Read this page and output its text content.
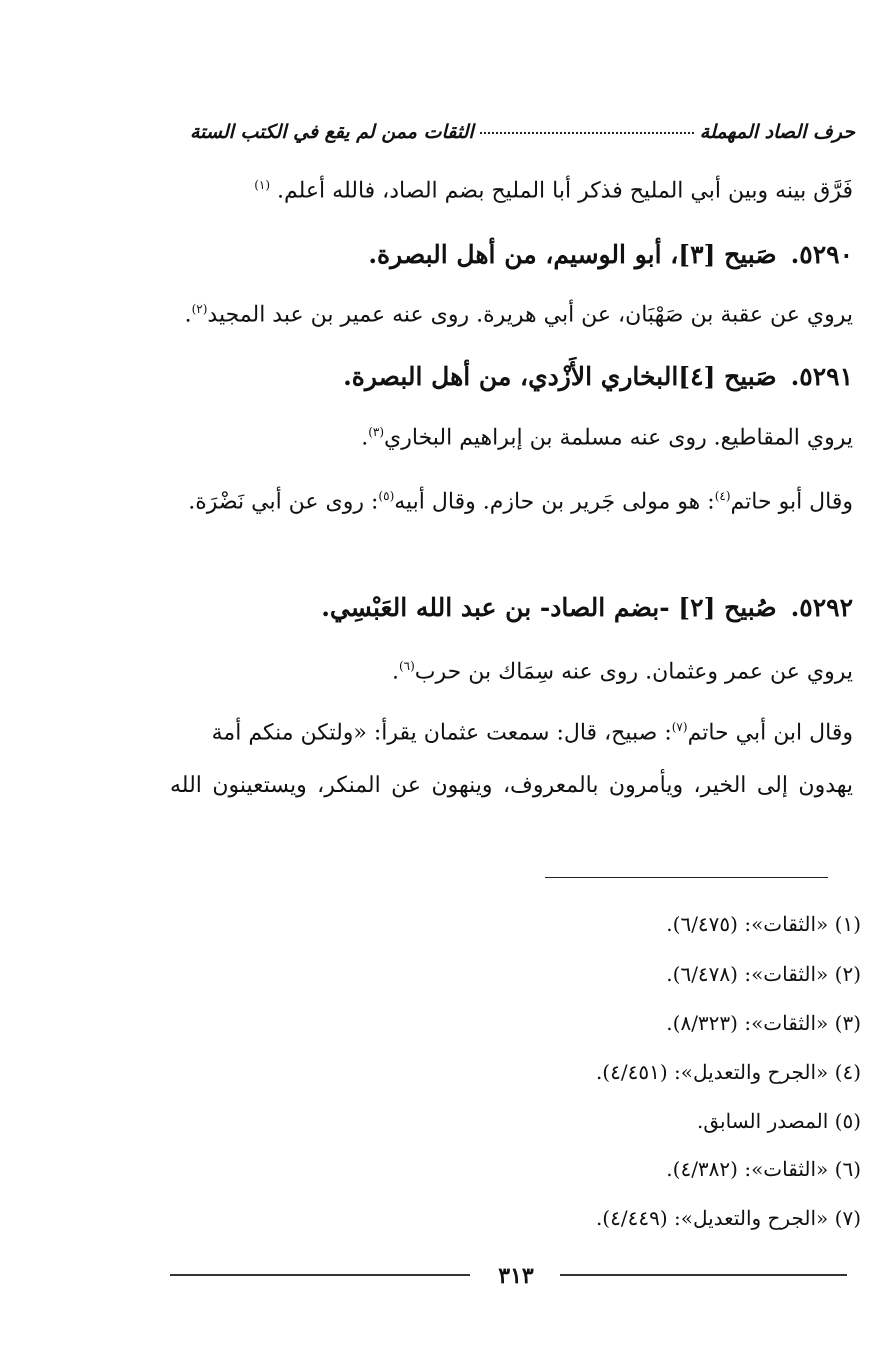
حرف الصاد المهملة
الثقات ممن لم يقع في الكتب الستة
فَرَّق بينه وبين أبي المليح فذكر أبا المليح بضم الصاد، فالله أعلم. $^{(١)}$
٥٢٩٠.صَبيح [٣]، أبو الوسيم، من أهل البصرة.
يروي عن عقبة بن صَهْبَان، عن أبي هريرة. روى عنه عمير بن عبد المجيد$^{(٢)}$.
٥٢٩١.صَبيح [٤]البخاري الأَزْدي، من أهل البصرة.
يروي المقاطيع. روى عنه مسلمة بن إبراهيم البخاري$^{(٣)}$.
وقال أبو حاتم$^{(٤)}$: هو مولى جَرير بن حازم. وقال أبيه$^{(٥)}$: روى عن أبي نَضْرَة.
٥٢٩٢.صُبيح [٢] -بضم الصاد- بن عبد الله العَبْسِي.
يروي عن عمر وعثمان. روى عنه سِمَاك بن حرب$^{(٦)}$.
وقال ابن أبي حاتم$^{(٧)}$: صبيح، قال: سمعت عثمان يقرأ: «ولتكن منكم أمة
يهدون إلى الخير، ويأمرون بالمعروف، وينهون عن المنكر، ويستعينون الله
(١) «الثقات»: (٦/٤٧٥).
(٢) «الثقات»: (٦/٤٧٨).
(٣) «الثقات»: (٨/٣٢٣).
(٤) «الجرح والتعديل»: (٤/٤٥١).
(٥) المصدر السابق.
(٦) «الثقات»: (٤/٣٨٢).
(٧) «الجرح والتعديل»: (٤/٤٤٩).
٣١٣
